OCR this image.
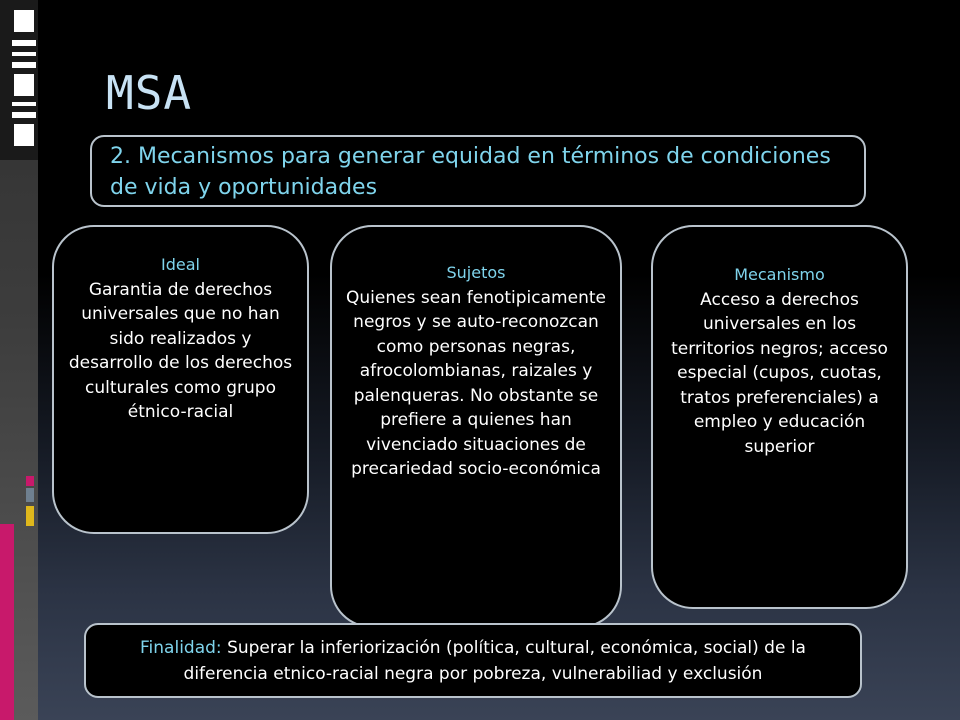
MSA
2. Mecanismos para generar equidad en términos de condiciones de vida y oportunidades
Ideal
Garantia de derechos universales que no han sido realizados y desarrollo de los derechos culturales como grupo étnico-racial
Sujetos
Quienes sean fenotipicamente negros y se auto-reconozcan como personas negras, afrocolombianas, raizales y palenqueras. No obstante se prefiere a quienes han vivenciado situaciones de precariedad socio-económica
Mecanismo
Acceso a derechos universales en los territorios negros; acceso especial (cupos, cuotas, tratos preferenciales) a empleo y educación superior
Finalidad: Superar la inferiorización (política, cultural, económica, social) de la diferencia etnico-racial negra por pobreza, vulnerabiliad y exclusión
